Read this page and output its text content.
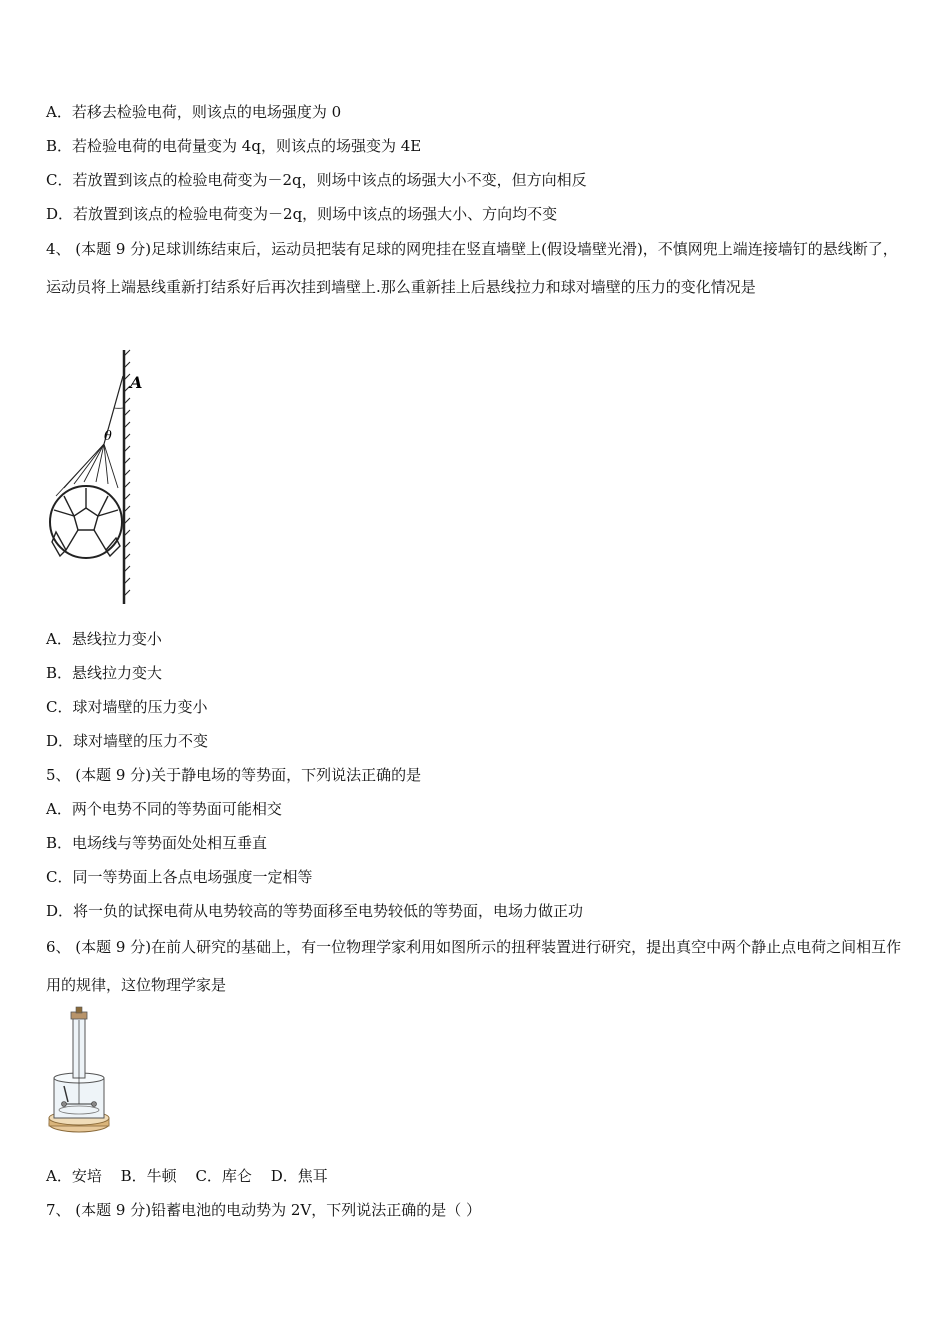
A．若移去检验电荷，则该点的电场强度为 0
B．若检验电荷的电荷量变为 4q，则该点的场强变为 4E
C．若放置到该点的检验电荷变为－2q，则场中该点的场强大小不变，但方向相反
D．若放置到该点的检验电荷变为－2q，则场中该点的场强大小、方向均不变
4、 (本题 9 分)足球训练结束后，运动员把装有足球的网兜挂在竖直墙壁上(假设墙壁光滑)，不慎网兜上端连接墙钉的悬线断了，运动员将上端悬线重新打结系好后再次挂到墙壁上.那么重新挂上后悬线拉力和球对墙壁的压力的变化情况是
A
θ
A．悬线拉力变小
B．悬线拉力变大
C．球对墙壁的压力变小
D．球对墙壁的压力不变
5、 (本题 9 分)关于静电场的等势面，下列说法正确的是
A．两个电势不同的等势面可能相交
B．电场线与等势面处处相互垂直
C．同一等势面上各点电场强度一定相等
D．将一负的试探电荷从电势较高的等势面移至电势较低的等势面，电场力做正功
6、 (本题 9 分)在前人研究的基础上，有一位物理学家利用如图所示的扭秤装置进行研究，提出真空中两个静止点电荷之间相互作用的规律，这位物理学家是
A．安培 B．牛顿 C．库仑 D．焦耳
7、 (本题 9 分)铅蓄电池的电动势为 2V，下列说法正确的是（ ）
